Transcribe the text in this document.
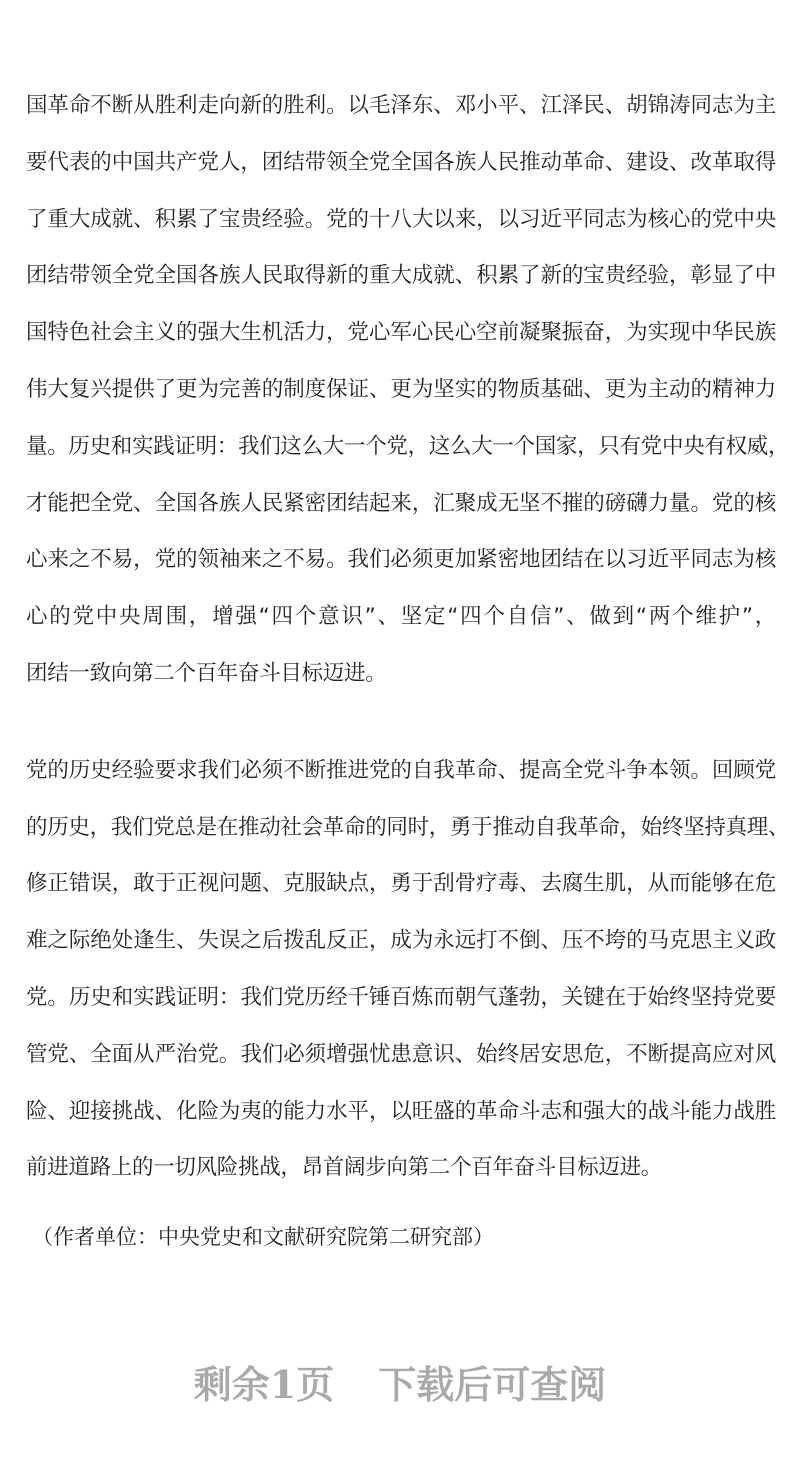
国革命不断从胜利走向新的胜利。以毛泽东、邓小平、江泽民、胡锦涛同志为主
要代表的中国共产党人，团结带领全党全国各族人民推动革命、建设、改革取得
了重大成就、积累了宝贵经验。党的十八大以来，以习近平同志为核心的党中央
团结带领全党全国各族人民取得新的重大成就、积累了新的宝贵经验，彰显了中
国特色社会主义的强大生机活力，党心军心民心空前凝聚振奋，为实现中华民族
伟大复兴提供了更为完善的制度保证、更为坚实的物质基础、更为主动的精神力
量。历史和实践证明：我们这么大一个党，这么大一个国家，只有党中央有权威，
才能把全党、全国各族人民紧密团结起来，汇聚成无坚不摧的磅礴力量。党的核
心来之不易，党的领袖来之不易。我们必须更加紧密地团结在以习近平同志为核
心的党中央周围，增强“四个意识”、坚定“四个自信”、做到“两个维护”，
团结一致向第二个百年奋斗目标迈进。
党的历史经验要求我们必须不断推进党的自我革命、提高全党斗争本领。回顾党
的历史，我们党总是在推动社会革命的同时，勇于推动自我革命，始终坚持真理、
修正错误，敢于正视问题、克服缺点，勇于刮骨疗毒、去腐生肌，从而能够在危
难之际绝处逢生、失误之后拨乱反正，成为永远打不倒、压不垮的马克思主义政
党。历史和实践证明：我们党历经千锤百炼而朝气蓬勃，关键在于始终坚持党要
管党、全面从严治党。我们必须增强忧患意识、始终居安思危，不断提高应对风
险、迎接挑战、化险为夷的能力水平，以旺盛的革命斗志和强大的战斗能力战胜
前进道路上的一切风险挑战，昂首阔步向第二个百年奋斗目标迈进。
（作者单位：中央党史和文献研究院第二研究部）
剩余1页 下载后可查阅
